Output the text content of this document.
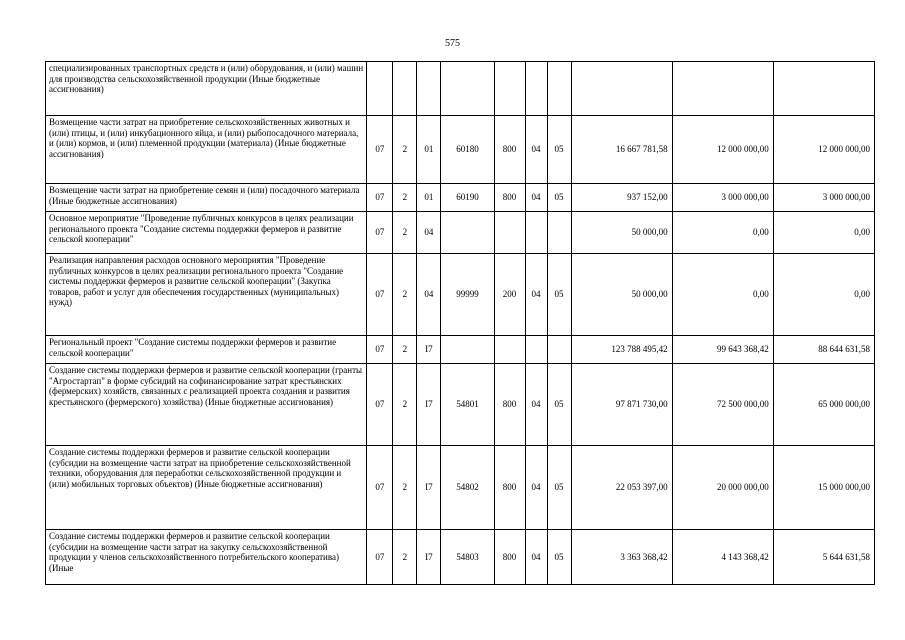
575
специализированных транспортных средств и (или) оборудования, и (или) машин для производства сельскохозяйственной продукции (Иные бюджетные ассигнования)										
Возмещение части затрат на приобретение сельскохозяйственных животных и (или) птицы, и (или) инкубационного яйца, и (или) рыбопосадочного материала, и (или) кормов, и (или) племенной продукции (материала) (Иные бюджетные ассигнования)	07	2	01	60180	800	04	05	16 667 781,58	12 000 000,00	12 000 000,00
Возмещение части затрат на приобретение семян и (или) посадочного материала (Иные бюджетные ассигнования)	07	2	01	60190	800	04	05	937 152,00	3 000 000,00	3 000 000,00
Основное мероприятие "Проведение публичных конкурсов в целях реализации регионального проекта "Создание системы поддержки фермеров и развитие сельской кооперации"	07	2	04					50 000,00	0,00	0,00
Реализация направления расходов основного мероприятия "Проведение публичных конкурсов в целях реализации регионального проекта "Создание системы поддержки фермеров и развитие сельской кооперации" (Закупка товаров, работ и услуг для обеспечения государственных (муниципальных) нужд)	07	2	04	99999	200	04	05	50 000,00	0,00	0,00
Региональный проект "Создание системы поддержки фермеров и развитие сельской кооперации"	07	2	I7					123 788 495,42	99 643 368,42	88 644 631,58
Создание системы поддержки фермеров и развитие сельской кооперации (гранты "Агростартап" в форме субсидий на софинансирование затрат крестьянских (фермерских) хозяйств, связанных с реализацией проекта создания и развития крестьянского (фермерского) хозяйства) (Иные бюджетные ассигнования)	07	2	I7	54801	800	04	05	97 871 730,00	72 500 000,00	65 000 000,00
Создание системы поддержки фермеров и развитие сельской кооперации (субсидии на возмещение части затрат на приобретение сельскохозяйственной техники, оборудования для переработки сельскохозяйственной продукции и (или) мобильных торговых объектов) (Иные бюджетные ассигнования)	07	2	I7	54802	800	04	05	22 053 397,00	20 000 000,00	15 000 000,00
Создание системы поддержки фермеров и развитие сельской кооперации (субсидии на возмещение части затрат на закупку сельскохозяйственной продукции у членов сельскохозяйственного потребительского кооператива) (Иные	07	2	I7	54803	800	04	05	3 363 368,42	4 143 368,42	5 644 631,58
